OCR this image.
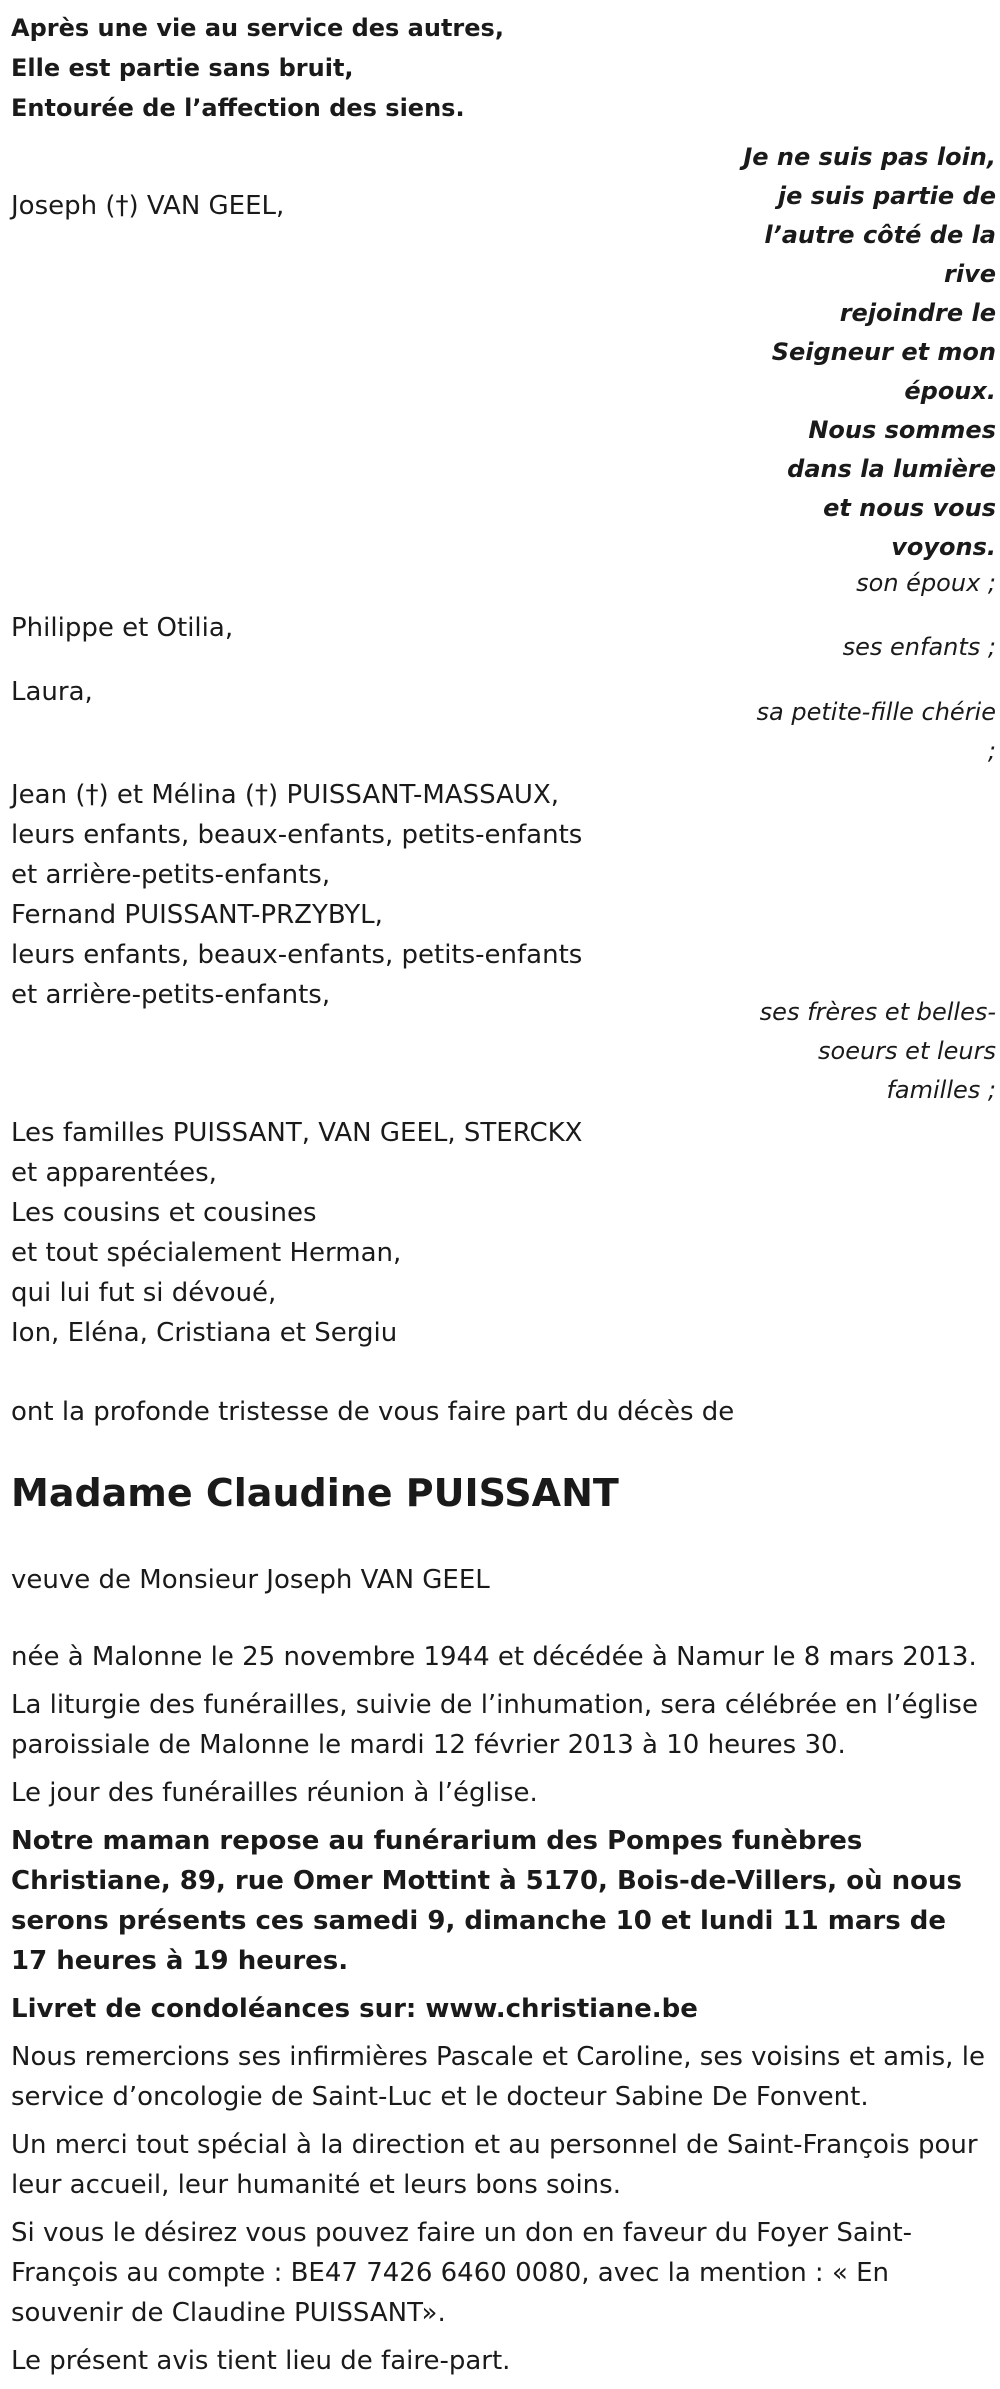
Après une vie au service des autres,
Elle est partie sans bruit,
Entourée de l’affection des siens.
Je ne suis pas loin,
je suis partie de
l’autre côté de la
rive
rejoindre le
Seigneur et mon
époux.
Nous sommes
dans la lumière
et nous vous
voyons.
Joseph (†) VAN GEEL,
son époux ;
Philippe et Otilia,
ses enfants ;
Laura,
sa petite-fille chérie
;
Jean (†) et Mélina (†) PUISSANT-MASSAUX,
leurs enfants, beaux-enfants, petits-enfants
et arrière-petits-enfants,
Fernand PUISSANT-PRZYBYL,
leurs enfants, beaux-enfants, petits-enfants
et arrière-petits-enfants,
ses frères et belles-
soeurs et leurs
familles ;
Les familles PUISSANT, VAN GEEL, STERCKX
et apparentées,
Les cousins et cousines
et tout spécialement Herman,
qui lui fut si dévoué,
Ion, Eléna, Cristiana et Sergiu
ont la profonde tristesse de vous faire part du décès de
Madame Claudine PUISSANT
veuve de Monsieur Joseph VAN GEEL

née à Malonne le 25 novembre 1944 et décédée à Namur le 8 mars 2013.

La liturgie des funérailles, suivie de l’inhumation, sera célébrée en l’église paroissiale de Malonne le mardi 12 février 2013 à 10 heures 30.

Le jour des funérailles réunion à l’église.

Notre maman repose au funérarium des Pompes funèbres Christiane, 89, rue Omer Mottint à 5170, Bois-de-Villers, où nous serons présents ces samedi 9, dimanche 10 et lundi 11 mars de 17 heures à 19 heures.

Livret de condoléances sur: www.christiane.be

Nous remercions ses infirmières Pascale et Caroline, ses voisins et amis, le service d’oncologie de Saint-Luc et le docteur Sabine De Fonvent.

Un merci tout spécial à la direction et au personnel de Saint-François pour leur accueil, leur humanité et leurs bons soins.

Si vous le désirez vous pouvez faire un don en faveur du Foyer Saint-François au compte : BE47 7426 6460 0080, avec la mention : « En souvenir de Claudine PUISSANT».

Le présent avis tient lieu de faire-part.
